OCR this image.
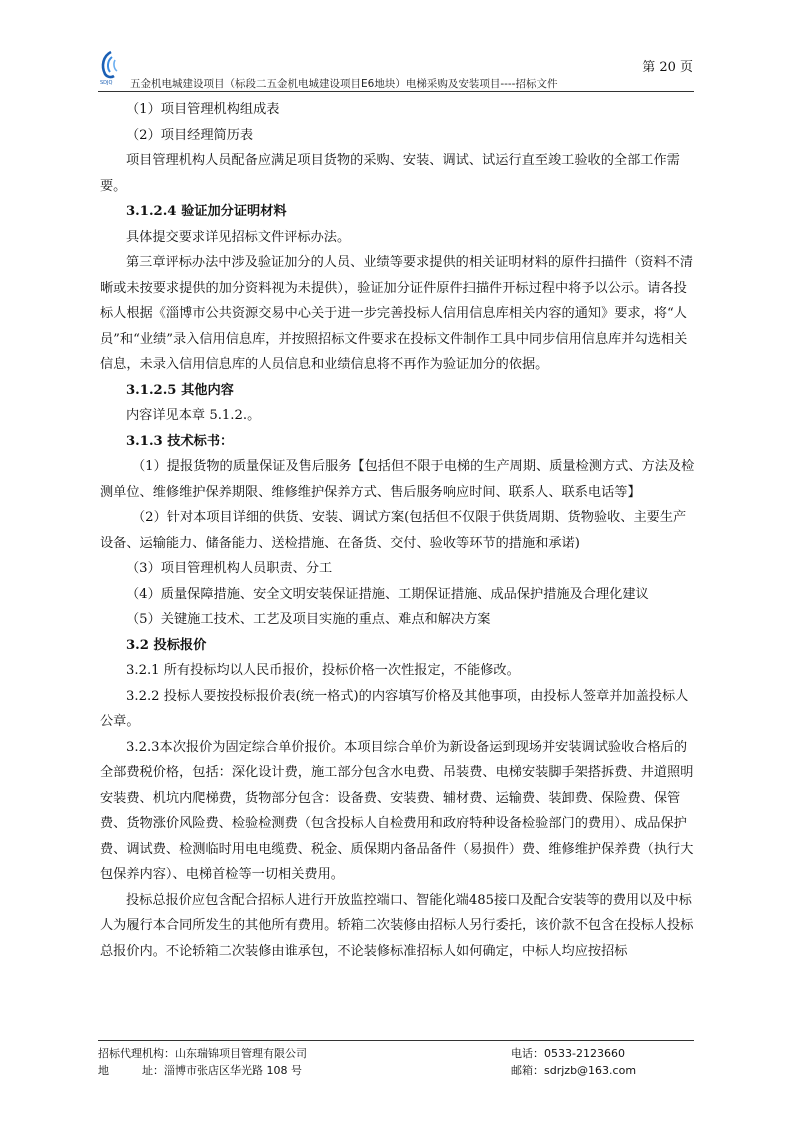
SDJQ
第 20 页
五金机电城建设项目（标段二五金机电城建设项目E6地块）电梯采购及安装项目----招标文件

（1）项目管理机构组成表

（2）项目经理简历表

项目管理机构人员配备应满足项目货物的采购、安装、调试、试运行直至竣工验收的全部工作需要。

3.1.2.4 验证加分证明材料

具体提交要求详见招标文件评标办法。

第三章评标办法中涉及验证加分的人员、业绩等要求提供的相关证明材料的原件扫描件（资料不清晰或未按要求提供的加分资料视为未提供），验证加分证件原件扫描件开标过程中将予以公示。请各投标人根据《淄博市公共资源交易中心关于进一步完善投标人信用信息库相关内容的通知》要求，将“人员”和“业绩”录入信用信息库，并按照招标文件要求在投标文件制作工具中同步信用信息库并勾选相关信息，未录入信用信息库的人员信息和业绩信息将不再作为验证加分的依据。

3.1.2.5 其他内容

内容详见本章 5.1.2.。

3.1.3 技术标书：

（1）提报货物的质量保证及售后服务【包括但不限于电梯的生产周期、质量检测方式、方法及检测单位、维修维护保养期限、维修维护保养方式、售后服务响应时间、联系人、联系电话等】

（2）针对本项目详细的供货、安装、调试方案(包括但不仅限于供货周期、货物验收、主要生产设备、运输能力、储备能力、送检措施、在备货、交付、验收等环节的措施和承诺)

（3）项目管理机构人员职责、分工

（4）质量保障措施、安全文明安装保证措施、工期保证措施、成品保护措施及合理化建议

（5）关键施工技术、工艺及项目实施的重点、难点和解决方案

3.2 投标报价

3.2.1 所有投标均以人民币报价，投标价格一次性报定，不能修改。

3.2.2 投标人要按投标报价表(统一格式)的内容填写价格及其他事项，由投标人签章并加盖投标人公章。

3.2.3本次报价为固定综合单价报价。本项目综合单价为新设备运到现场并安装调试验收合格后的全部费税价格，包括：深化设计费，施工部分包含水电费、吊装费、电梯安装脚手架搭拆费、井道照明安装费、机坑内爬梯费，货物部分包含：设备费、安装费、辅材费、运输费、装卸费、保险费、保管费、货物涨价风险费、检验检测费（包含投标人自检费用和政府特种设备检验部门的费用）、成品保护费、调试费、检测临时用电电缆费、税金、质保期内备品备件（易损件）费、维修维护保养费（执行大包保养内容）、电梯首检等一切相关费用。

投标总报价应包含配合招标人进行开放监控端口、智能化端485接口及配合安装等的费用以及中标人为履行本合同所发生的其他所有费用。轿箱二次装修由招标人另行委托，该价款不包含在投标人投标总报价内。不论轿箱二次装修由谁承包，不论装修标准招标人如何确定，中标人均应按招标

招标代理机构：山东瑞锦项目管理有限公司
地　　　址：淄博市张店区华光路 108 号
电话：0533-2123660
邮箱：sdrjzb@163.com
